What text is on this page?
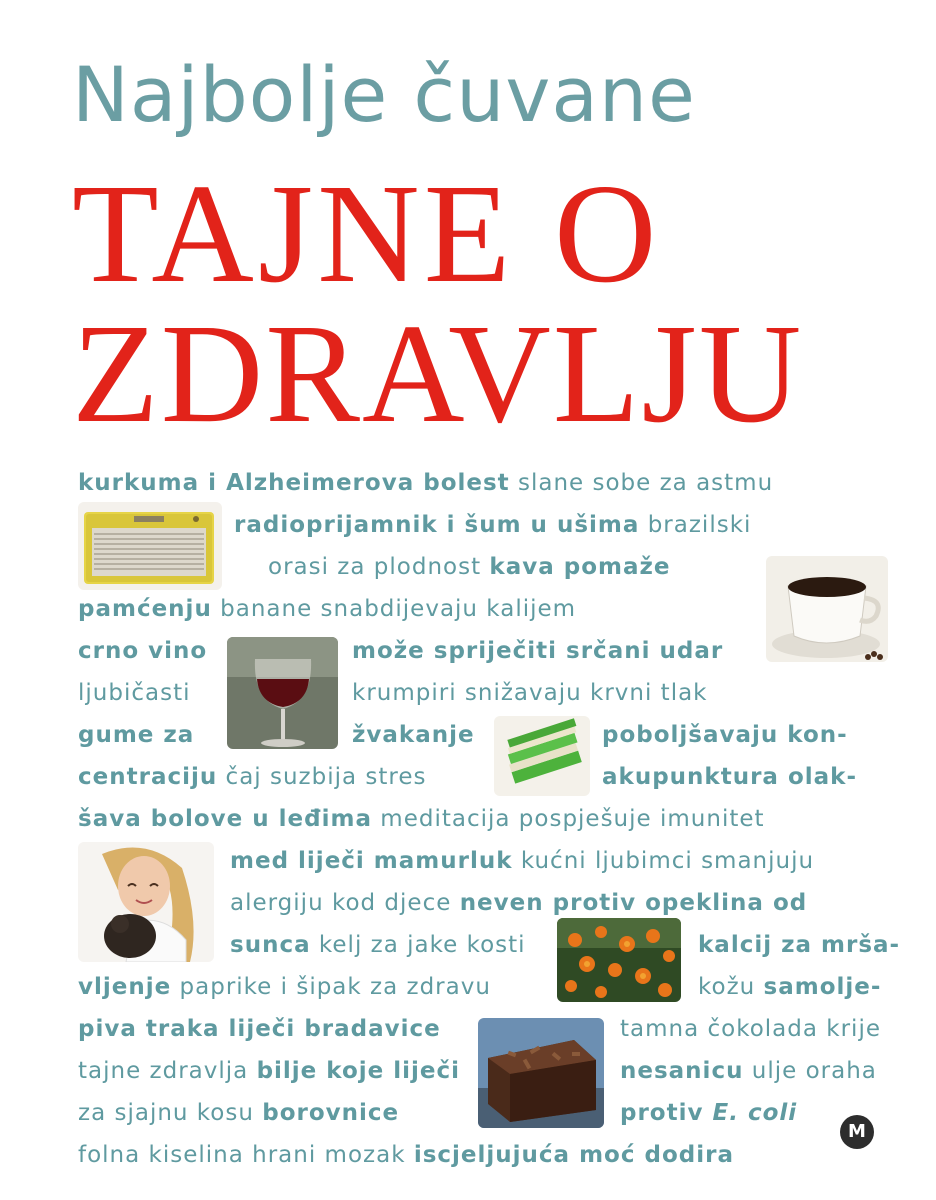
Najbolje čuvane
TAJNE O
ZDRAVLJU
kurkuma i Alzheimerova bolest slane sobe za astmu
radioprijamnik i šum u ušima brazilski
orasi za plodnost kava pomaže
pamćenju banane snabdijevaju kalijem
crno vino	može spriječiti srčani udar
ljubičasti	krumpiri snižavaju krvni tlak
gume za	žvakanje	poboljšavaju kon-
centraciju čaj suzbija stres	akupunktura olak-
šava bolove u leđima meditacija pospješuje imunitet
med liječi mamurluk kućni ljubimci smanjuju
alergiju kod djece neven protiv opeklina od
sunca kelj za jake kosti	kalcij za mrša-
vljenje paprike i šipak za zdravu	kožu samolje-
piva traka liječi bradavice	tamna čokolada krije
tajne zdravlja bilje koje liječi	nesanicu ulje oraha
za sjajnu kosu borovnice	protiv E. coli
folna kiselina hrani mozak iscjeljujuća moć dodira
M
